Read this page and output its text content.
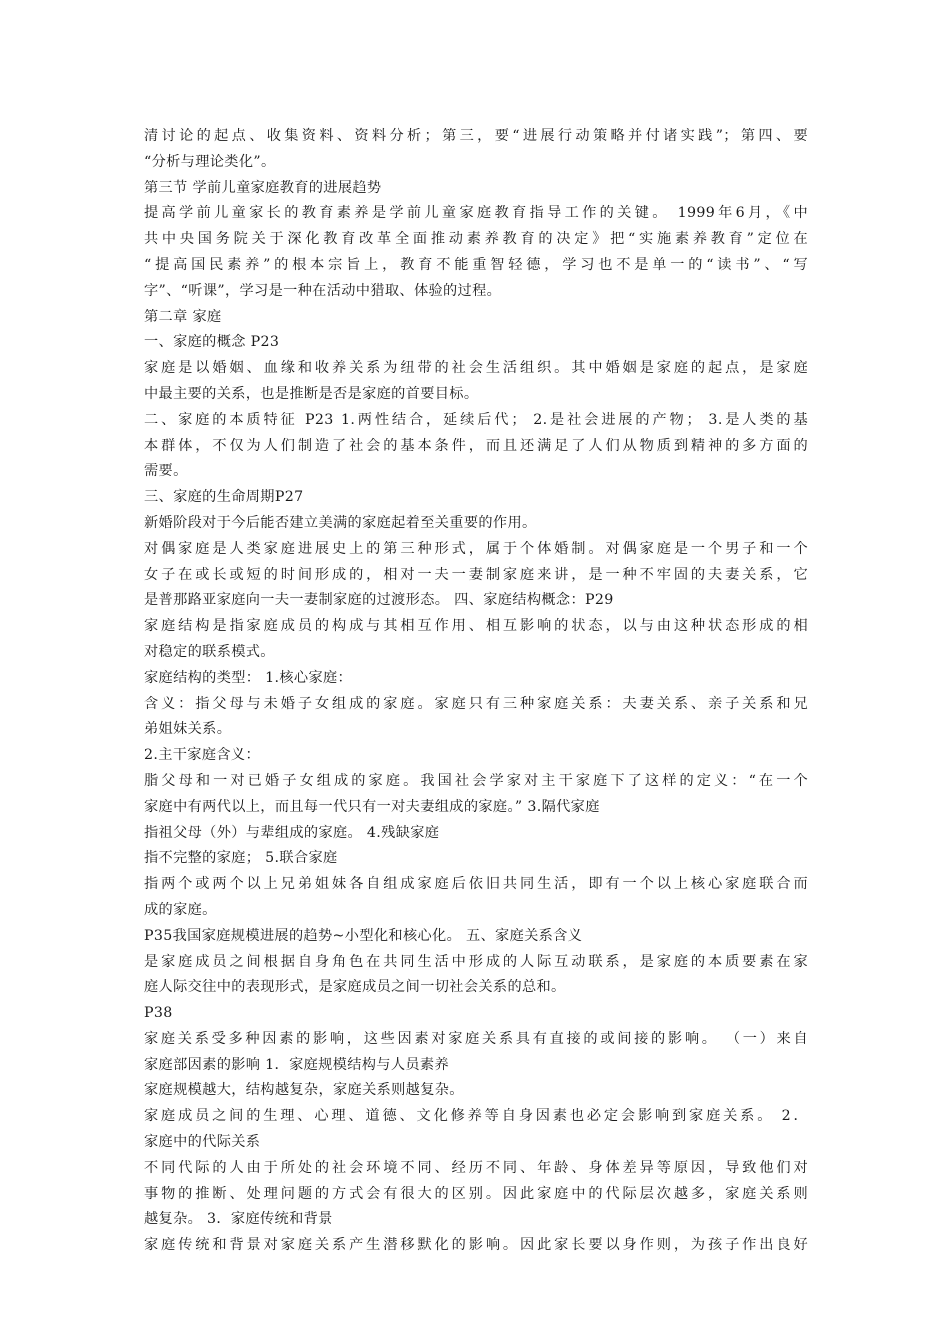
清讨论的起点、收集资料、资料分析；第三，要“进展行动策略并付诸实践”；第四、要
“分析与理论类化”。
第三节 学前儿童家庭教育的进展趋势
提高学前儿童家长的教育素养是学前儿童家庭教育指导工作的关键。 1999年6月，《中
共中央国务院关于深化教育改革全面推动素养教育的决定》把“实施素养教育”定位在
“提高国民素养”的根本宗旨上，教育不能重智轻德，学习也不是单一的“读书”、“写
字”、“听课”，学习是一种在活动中猎取、体验的过程。
第二章 家庭
一、家庭的概念 P23
家庭是以婚姻、血缘和收养关系为纽带的社会生活组织。其中婚姻是家庭的起点，是家庭
中最主要的关系，也是推断是否是家庭的首要目标。
二、家庭的本质特征 P23 1.两性结合，延续后代； 2.是社会进展的产物； 3.是人类的基
本群体，不仅为人们制造了社会的基本条件，而且还满足了人们从物质到精神的多方面的
需要。
三、家庭的生命周期P27
新婚阶段对于今后能否建立美满的家庭起着至关重要的作用。
对偶家庭是人类家庭进展史上的第三种形式，属于个体婚制。对偶家庭是一个男子和一个
女子在或长或短的时间形成的，相对一夫一妻制家庭来讲，是一种不牢固的夫妻关系，它
是普那路亚家庭向一夫一妻制家庭的过渡形态。 四、家庭结构概念：P29
家庭结构是指家庭成员的构成与其相互作用、相互影响的状态，以与由这种状态形成的相
对稳定的联系模式。
家庭结构的类型： 1.核心家庭：
含义：指父母与未婚子女组成的家庭。家庭只有三种家庭关系：夫妻关系、亲子关系和兄
弟姐妹关系。
2.主干家庭含义：
脂父母和一对已婚子女组成的家庭。我国社会学家对主干家庭下了这样的定义：“在一个
家庭中有两代以上，而且每一代只有一对夫妻组成的家庭。” 3.隔代家庭
指祖父母（外）与辈组成的家庭。 4.残缺家庭
指不完整的家庭； 5.联合家庭
指两个或两个以上兄弟姐妹各自组成家庭后依旧共同生活，即有一个以上核心家庭联合而
成的家庭。
P35我国家庭规模进展的趋势~小型化和核心化。 五、家庭关系含义
是家庭成员之间根据自身角色在共同生活中形成的人际互动联系，是家庭的本质要素在家
庭人际交往中的表现形式，是家庭成员之间一切社会关系的总和。
P38
家庭关系受多种因素的影响，这些因素对家庭关系具有直接的或间接的影响。 （一）来自
家庭部因素的影响 1．家庭规模结构与人员素养
家庭规模越大，结构越复杂，家庭关系则越复杂。
家庭成员之间的生理、心理、道德、文化修养等自身因素也必定会影响到家庭关系。 2．
家庭中的代际关系
不同代际的人由于所处的社会环境不同、经历不同、年龄、身体差异等原因，导致他们对
事物的推断、处理问题的方式会有很大的区别。因此家庭中的代际层次越多，家庭关系则
越复杂。 3．家庭传统和背景
家庭传统和背景对家庭关系产生潜移默化的影响。因此家长要以身作则，为孩子作出良好
